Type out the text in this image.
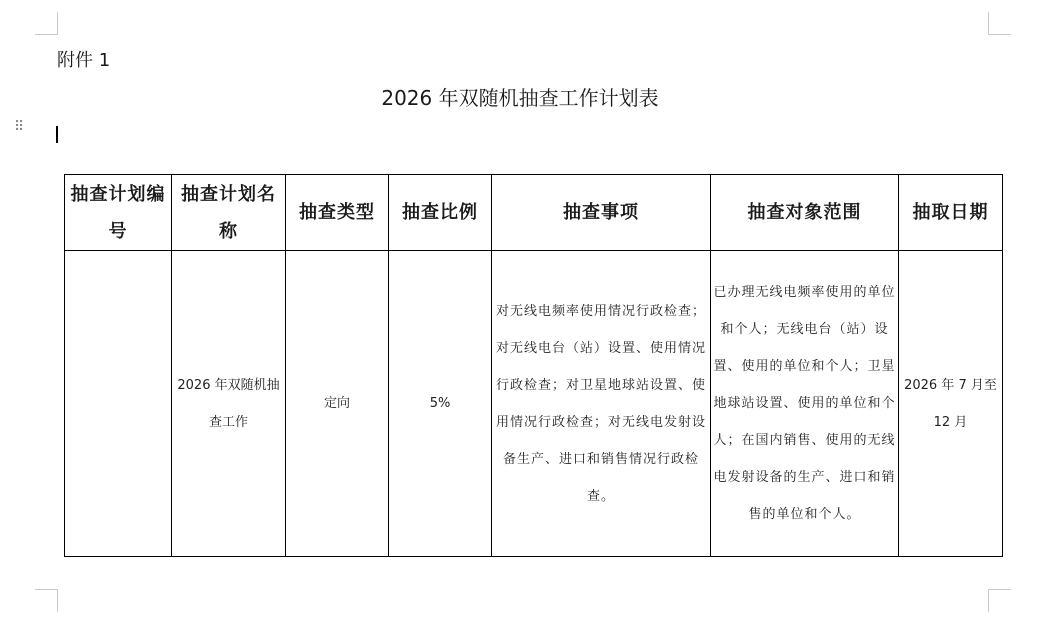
附件 1
2026 年双随机抽查工作计划表
⠿
抽查计划编号	抽查计划名称	抽查类型	抽查比例	抽查事项	抽查对象范围	抽取日期
	2026 年双随机抽查工作	定向	5%	对无线电频率使用情况行政检查；对无线电台（站）设置、使用情况行政检查；对卫星地球站设置、使用情况行政检查；对无线电发射设备生产、进口和销售情况行政检查。	已办理无线电频率使用的单位和个人；无线电台（站）设置、使用的单位和个人；卫星地球站设置、使用的单位和个人；在国内销售、使用的无线电发射设备的生产、进口和销售的单位和个人。	2026 年 7 月至 12 月
